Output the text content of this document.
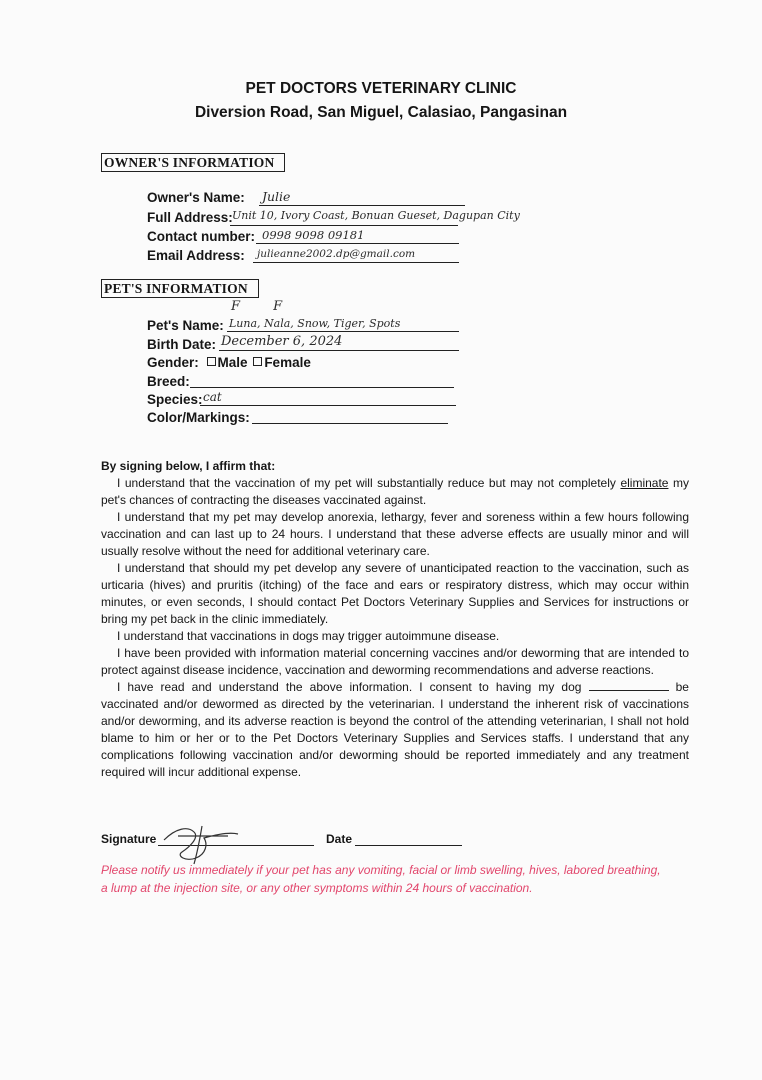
PET DOCTORS VETERINARY CLINIC
Diversion Road, San Miguel, Calasiao, Pangasinan
OWNER'S INFORMATION
Owner's Name: Julie
Full Address: Unit 10, Ivory Coast, Bonuan Gueset, Dagupan City
Contact number: 0998 9098 09181
Email Address: julieanne2002.dp@gmail.com
PET'S INFORMATION
F        F
Pet's Name: Luna, Nala, Snow, Tiger, Spots
Birth Date: December 6, 2024
Gender: Male Female
Breed:
Species: cat
Color/Markings:
By signing below, I affirm that:

I understand that the vaccination of my pet will substantially reduce but may not completely eliminate my pet's chances of contracting the diseases vaccinated against.

I understand that my pet may develop anorexia, lethargy, fever and soreness within a few hours following vaccination and can last up to 24 hours. I understand that these adverse effects are usually minor and will usually resolve without the need for additional veterinary care.

I understand that should my pet develop any severe of unanticipated reaction to the vaccination, such as urticaria (hives) and pruritis (itching) of the face and ears or respiratory distress, which may occur within minutes, or even seconds, I should contact Pet Doctors Veterinary Supplies and Services for instructions or bring my pet back in the clinic immediately.

I understand that vaccinations in dogs may trigger autoimmune disease.

I have been provided with information material concerning vaccines and/or deworming that are intended to protect against disease incidence, vaccination and deworming recommendations and adverse reactions.

I have read and understand the above information. I consent to having my dog	be vaccinated and/or dewormed as directed by the veterinarian. I understand the inherent risk of vaccinations and/or deworming, and its adverse reaction is beyond the control of the attending veterinarian, I shall not hold blame to him or her or to the Pet Doctors Veterinary Supplies and Services staffs. I understand that any complications following vaccination and/or deworming should be reported immediately and any treatment required will incur additional expense.

Signature	Date
Please notify us immediately if your pet has any vomiting, facial or limb swelling, hives, labored breathing, a lump at the injection site, or any other symptoms within 24 hours of vaccination.
